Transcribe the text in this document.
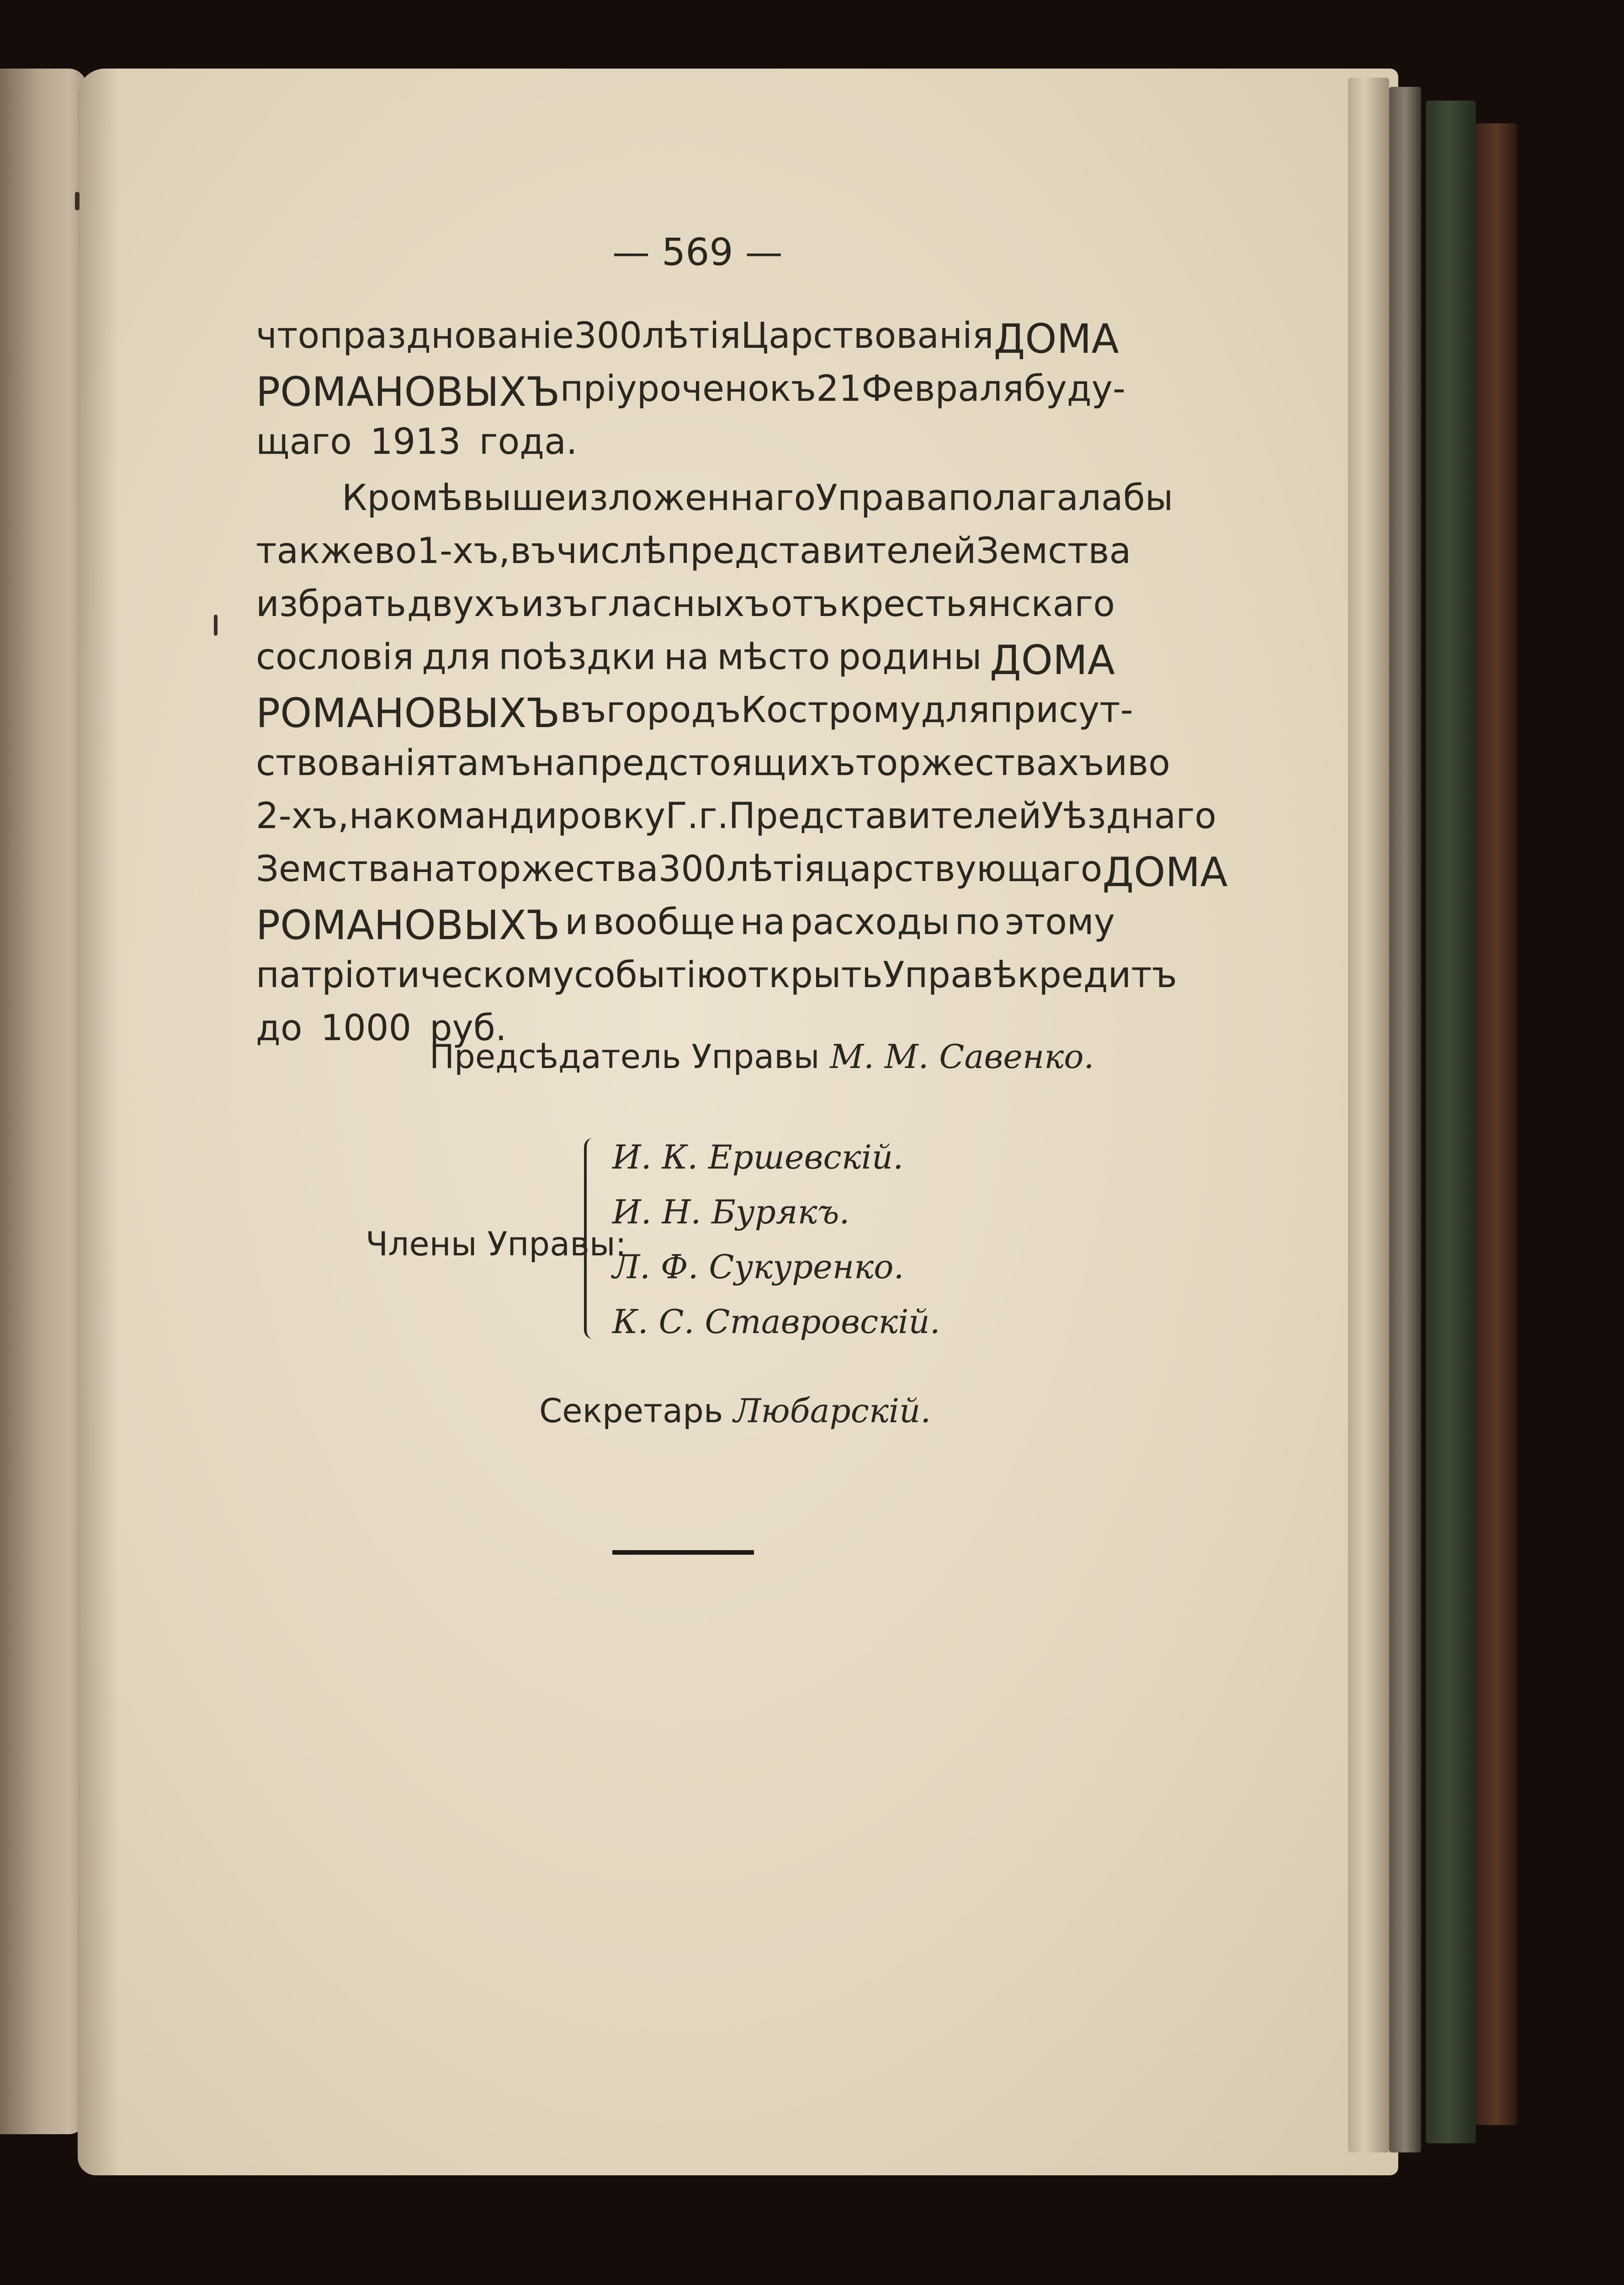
— 569 —
что празднованіе 300 лѣтія Царствованія ДОМА
РОМАНОВЫХЪ пріурочено къ 21 Февраля буду-
щаго 1913 года.
Кромѣ вышеизложеннаго Управа полагала бы
также во 1-хъ, въ числѣ представителей Земства
избрать двухъ изъ гласныхъ отъ крестьянскаго
сословія для поѣздки на мѣсто родины ДОМА
РОМАНОВЫХЪ въ городъ Кострому для присут-
ствованія тамъ на предстоящихъ торжествахъ и во
2-хъ, на командировку Г.г. Представителей Уѣзднаго
Земства на торжества 300 лѣтія царствующаго ДОМА
РОМАНОВЫХЪ и вообще на расходы по этому
патріотическому событію открыть Управѣ кредитъ
до 1000 руб.
Предсѣдатель Управы М. М. Савенко.
Члены Управы:
И. К. Ершевскій.
И. Н. Бурякъ.
Л. Ф. Сукуренко.
К. С. Ставровскій.
Секретарь Любарскій.
